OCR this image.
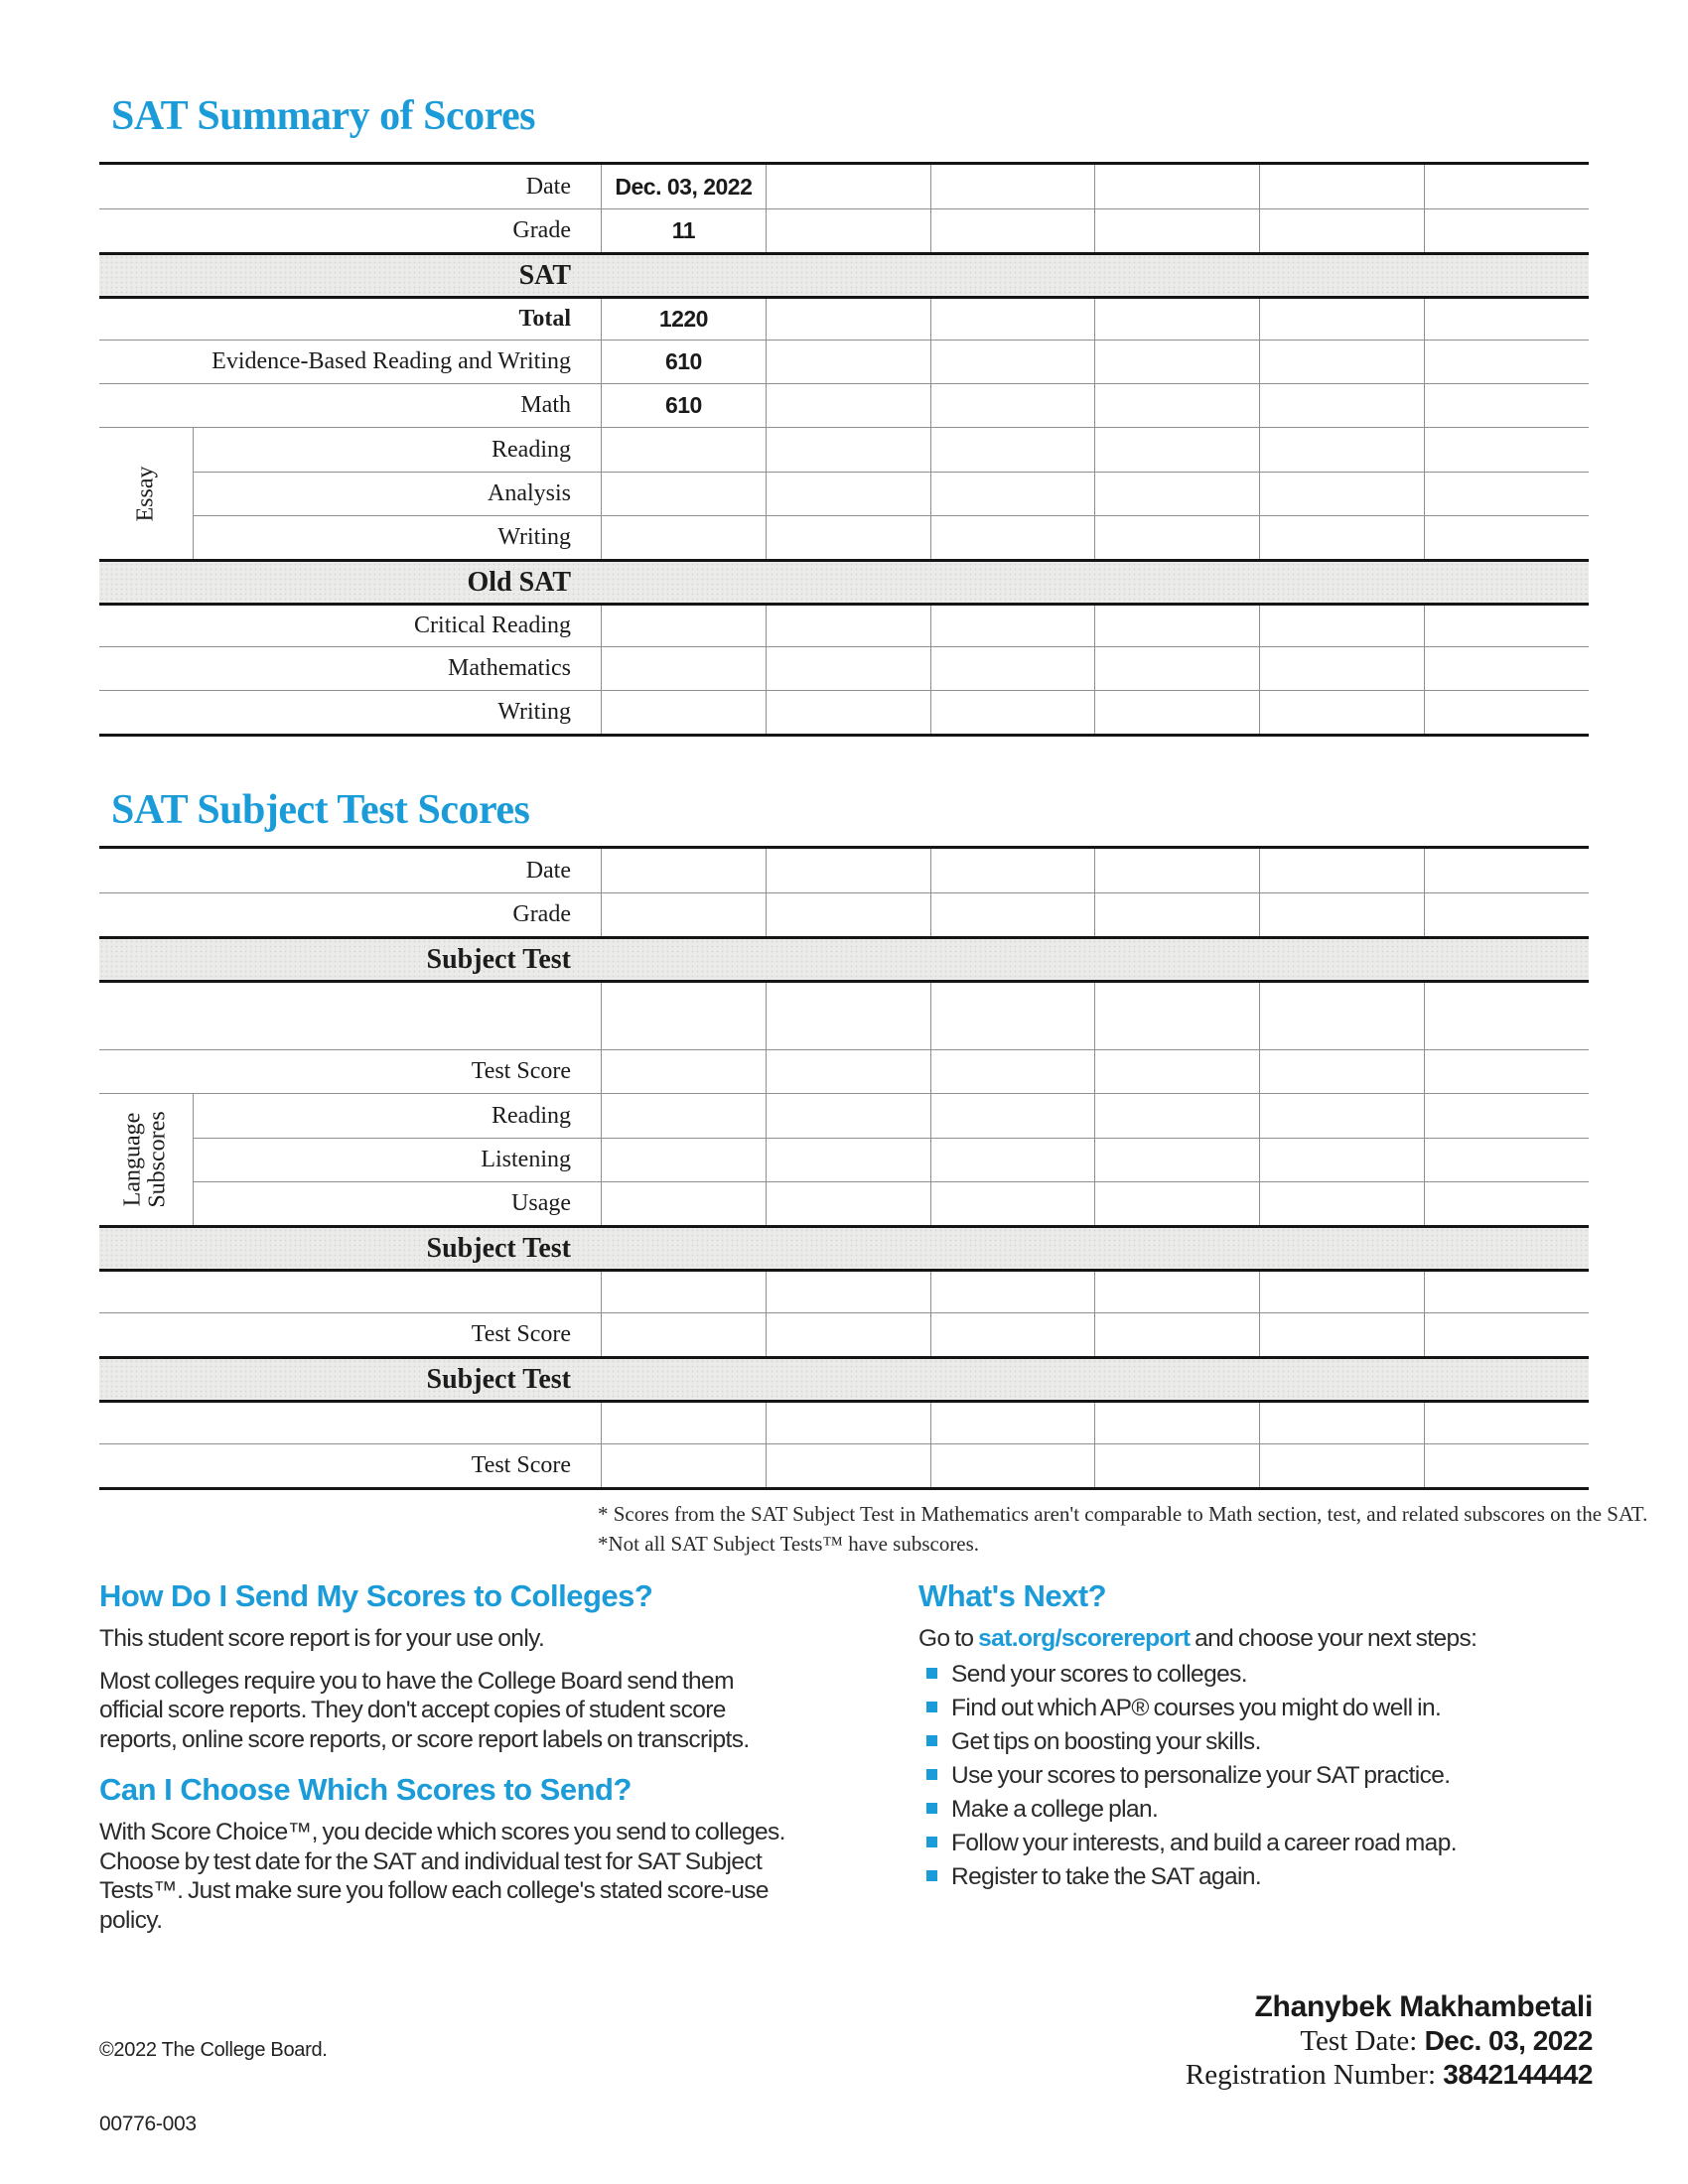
SAT Summary of Scores
Date	Dec. 03, 2022
Grade	11
SAT
Total	1220
Evidence-Based Reading and Writing	610
Math	610
Essay
Reading
Analysis
Writing
Old SAT
Critical Reading
Mathematics
Writing
SAT Subject Test Scores
Date
Grade
Subject Test
Test Score
Language Subscores	Reading
Listening
Usage
Subject Test
Test Score
Subject Test
Test Score
* Scores from the SAT Subject Test in Mathematics aren't comparable to Math section, test, and related subscores on the SAT.
*Not all SAT Subject Tests™ have subscores.
How Do I Send My Scores to Colleges?

This student score report is for your use only.

Most colleges require you to have the College Board send them official score reports. They don't accept copies of student score reports, online score reports, or score report labels on transcripts.

Can I Choose Which Scores to Send?

With Score Choice™, you decide which scores you send to colleges. Choose by test date for the SAT and individual test for SAT Subject Tests™. Just make sure you follow each college's stated score-use policy.

What's Next?

Go to sat.org/scorereport and choose your next steps:

Send your scores to colleges.
Find out which AP® courses you might do well in.
Get tips on boosting your skills.
Use your scores to personalize your SAT practice.
Make a college plan.
Follow your interests, and build a career road map.
Register to take the SAT again.
Zhanybek Makhambetali
Test Date: Dec. 03, 2022
Registration Number: 3842144442
©2022 The College Board.
00776-003
